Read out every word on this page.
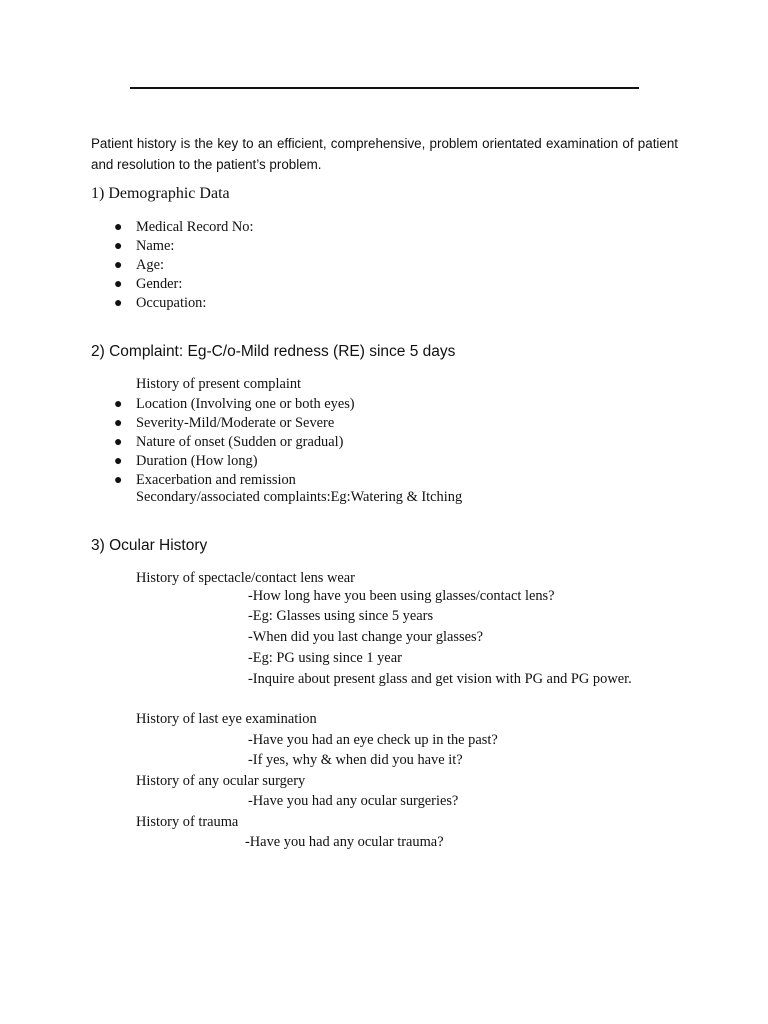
Patient history is the key to an efficient, comprehensive, problem orientated examination of patient and resolution to the patient’s problem.
1) Demographic Data
● Medical Record No:
● Name:
● Age:
● Gender:
● Occupation:
2) Complaint: Eg-C/o-Mild redness (RE) since 5 days
History of present complaint
● Location (Involving one or both eyes)
● Severity-Mild/Moderate or Severe
● Nature of onset (Sudden or gradual)
● Duration (How long)
● Exacerbation and remission
Secondary/associated complaints:Eg:Watering & Itching
3) Ocular History
History of spectacle/contact lens wear
-How long have you been using glasses/contact lens?
-Eg: Glasses using since 5 years
-When did you last change your glasses?
-Eg: PG using since 1 year
-Inquire about present glass and get vision with PG and PG power.
History of last eye examination
-Have you had an eye check up in the past?
-If yes, why & when did you have it?
History of any ocular surgery
-Have you had any ocular surgeries?
History of trauma
-Have you had any ocular trauma?
